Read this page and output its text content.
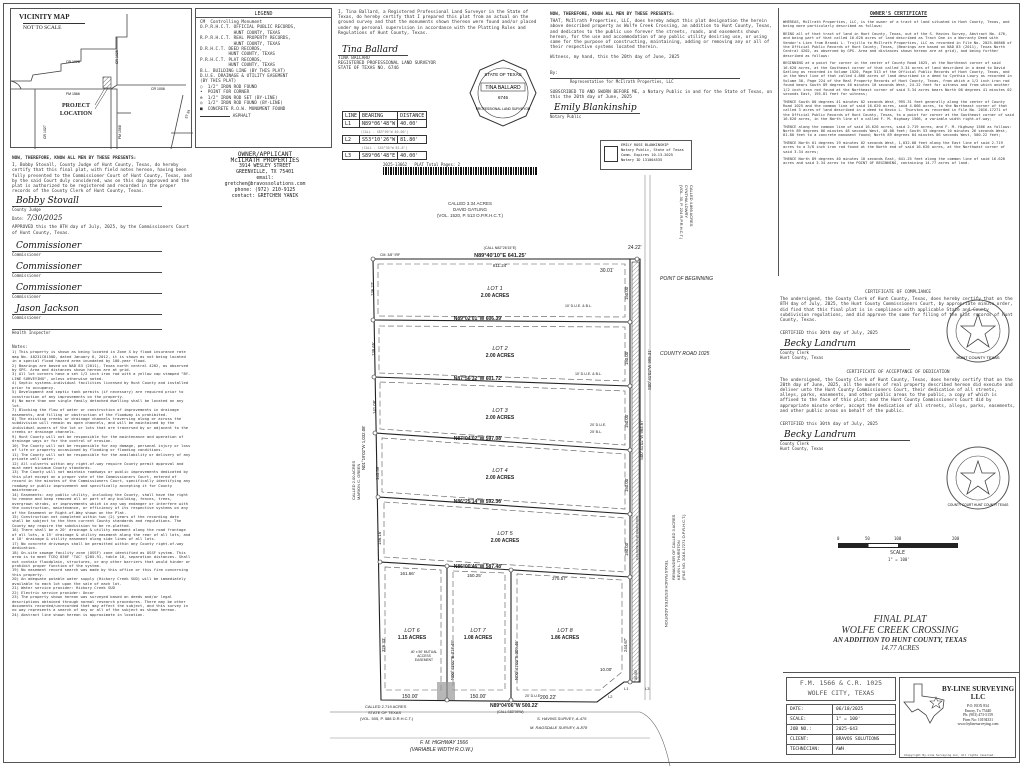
VICINITY MAP
NOT TO SCALE
CR 1028	CR 1025
FM 1566
CR 1006
CR 1027	FM 1568
ST 34
PROJECT LOCATION
LEGEND
CM  Controlling Monument
O.P.R.H.C.T. OFFICIAL PUBLIC RECORDS,
HUNT COUNTY, TEXAS
R.P.R.H.C.T. REAL PROPERTY RECORDS,
HUNT COUNTY, TEXAS
D.R.H.C.T. DEED RECORDS,
HUNT COUNTY, TEXAS
P.R.H.C.T. PLAT RECORDS,
HUNT COUNTY, TEXAS
B.L. BUILDING LINE (BY THIS PLAT)
D.U.E. DRAINAGE & UTILITY EASEMENT
(BY THIS PLAT)
○  1/2" IRON ROD FOUND
•  POINT FOR CORNER
⊗  1/2" IRON ROD SET (BY-LINE)
◎  1/2" IRON ROD FOUND (BY-LINE)
■  CONCRETE R.O.W. MONUMENT FOUND
ASPHALT
OWNER/APPLICANT
McILRATH PROPERTIES
3914 WESLEY STREET
GREENVILLE, TX 75401
email:
gretchen@bravossolutions.com
phone: (972) 210-9125
contact: GRETCHEN YANIK
NOW, THEREFORE, KNOW ALL MEN BY THESE PRESENTS:
I, Bobby Stovall, County Judge of Hunt County, Texas, do hereby certify that this final plat, with field notes hereon, having been fully presented to the Commissioner Court of Hunt County, Texas, and by the said Court duly considered, was on this day approved and the plat is authorized to be registered and recorded in the proper records of the County Clerk of Hunt County, Texas.
Bobby Stovall
County Judge
Date: 7/30/2025
APPROVED this the 8TH day of July, 2025, by the Commissioners Court of Hunt County, Texas.
Commissioner
Commissioner
Commissioner
Commissioner
Commissioner
Commissioner
Jason Jackson
Commissioner
Health Inspector
Notes:
1) This property is shown as being located in Zone X by flood insurance rate map No. 48231C0150D, dated January 6, 2012, it is shown as not being located in a special flood hazard area inundated by 100-year flood.
2) Bearings are based on NAD 83 (2011), Texas north central 4202, as observed by GPS. Area and distances shown hereon are at grid.
3) All lot corners have a set 1/2 inch iron rod with a yellow cap stamped "BY-LINE SURVEYING", unless otherwise noted.
4) Septic systems-individual facilities licensed by Hunt County and installed prior to occupancy.
5) Development and septic tank permits (if necessary) are required prior to construction of any improvements on the property.
6) No more than one single family detached dwelling shall be located on any lot.
7) Blocking the flow of water or construction of improvements in drainage easements, and filling or obstruction of the floodway is prohibited.
8) The existing creeks or drainage channels traversing along or across the subdivision will remain as open channels, and will be maintained by the individual owners of the lot or lots that are traversed by or adjacent to the creeks or drainage channels.
9) Hunt County will not be responsible for the maintenance and operation of drainage ways or for the control of erosion.
10) The County will not be responsible for any damage, personal injury or loss of life or property occasioned by flooding or flooding conditions.
11) The County will not be responsible for the availability or delivery of any private well water.
12) All culverts within any right-of-way require County permit approval and must meet minimum County standards.
13) The County will not maintain roadways or public improvements dedicated by this plat except on a proper vote of the Commissioners Court, entered of record in the minutes of the Commissioners Court, specifically identifying any roadway or public improvement and specifically accepting it for County maintenance.
14) Easements: any public utility, including the County, shall have the right to remove and keep removed all or part of any building, fences, trees, overgrown shrubs, or improvements which in any way endanger or interfere with the construction, maintenance, or efficiency of its respective systems on any of the Easement or Right-of-Way shown on the Plat.
15) Construction not completed within two (2) years of the recording date shall be subject to the then current County standards and regulations. The County may require the subdivision to be re-platted.
16) There shall be a 20' drainage & utility easement along the road frontage of all lots, a 15' drainage & utility easement along the rear of all lots, and a 10' drainage & utility easement along side lines of all lots.
17) No concrete driveways shall be permitted within any County right-of-way dedication.
18) On-site sewage facility zone (OSSF) zone identified as OSSF system. This area is to meet TCEQ 030F 'TAC' §285.91, table 10, separation distances. Shall not contain floodplain, structures, or any other barriers that would hinder or prohibit proper function of the system.
19) No easement record search was made by this office or this firm concerning this property.
20) An adequate potable water supply (Hickory Creek SUD) will be immediately available to each lot upon the sale of each lot.
21) Water service provider: Hickory Creek SUD
22) Electric service provider: Oncor
23) The property shown hereon was surveyed based on deeds and/or legal descriptions obtained through normal research procedures. There may be other documents recorded/unrecorded that may affect the subject, and this survey in no way represents a search of any or all of the subject as shown hereon.
24) Abstract line shown hereon is approximate in location.
I, Tina Ballard, a Registered Professional Land Surveyor in the State of Texas, do hereby certify that I prepared this plat from an actual on the ground survey and that the monuments shown thereon were found and/or placed under my personal supervision in accordance with the Platting Rules and Regulations of Hunt County, Texas.
Tina Ballard
TINA BALLARD
REGISTERED PROFESSIONAL LAND SURVEYOR
STATE OF TEXAS NO. 6746
STATE OF TEXAS
TINA BALLARD
6746
PROFESSIONAL LAND SURVEYOR
LINE	BEARING	DISTANCE
L1	N89°06'48"W	40.00'
(CALL - S83°09'W 40.00')		
L2	S53°10'26"W	81.80'
(CALL - S45°30'W 81.8')		
L3	S89°06'48"E	40.00'
2025-13662 PLAT Total Pages: 2
NOW, THEREFORE, KNOW ALL MEN BY THESE PRESENTS:
THAT, McIlrath Properties, LLC, does hereby adopt this plat designation the herein above described property as Wolfe Creek Crossing, an addition to Hunt County, Texas, and dedicates to the public use forever the streets, roads, and easements shown hereon, for the use and accommodation of any public utility desiring use, or using same for the purpose of constructing, maintaining, adding or removing any or all of their respective systems located therein.
Witness, my hand, this the 20th day of June, 2025
By:
Representative for McIlrath Properties, LLC
SUBSCRIBED TO AND SWORN BEFORE ME, a Notary Public in and for the State of Texas, on this the 20th day of June, 2025
Emily Blankinship
Notary Public
EMILY ROSE BLANKINSHIP
Notary Public, State of Texas
Comm. Expires 10-13-2025
Notary ID 131004535
OWNER'S CERTIFICATE
WHEREAS, McIlrath Properties, LLC, is the owner of a tract of land situated in Hunt County, Texas, and being more particularly described as follows:
BEING all of that tract of land in Hunt County, Texas, out of the S. Havins Survey, Abstract No. 476, and being part of that called 16.620 acres of land described as Tract One in a Warranty Deed with Vendor's Lien from Brandi L. Trujillo to McIlrath Properties, LLC as recorded in File No. 2025-06868 of the Official Public Records of Hunt County, Texas, (Bearings are based on NAD 83 (2011), Texas North Central 4202, as observed by GPS. Area and distances shown hereon are at grid), and being further described as follows:
BEGINNING at a point for corner in the center of County Road 1025, at the Northeast corner of said 16.620 acres, at the Southeast corner of that called 3.34 acres of land described in a deed to David Gatling as recorded in Volume 1520, Page 513 of the Official Public Records of Hunt County, Texas, and in the West line of that called 4.866 acres of land described in a deed to Cynthia Lowry as recorded in Volume 30, Page 224 of the Real Property Records of Hunt County, Texas, from which a 1/2 inch iron rod found bears South 89 degrees 40 minutes 10 seconds West, 24.22 feet for witness and from which another 1/2 inch iron rod found at the Northeast corner of said 3.34 acres bears North 00 degrees 41 minutes 02 seconds East, 195.81 feet for witness;
THENCE South 00 degrees 41 minutes 02 seconds West, 995.31 feet generally along the center of County Road 1025 and the common line of said 16.620 acres, said 4.866 acres, to the Northeast corner of that called 3 acres of land described in a deed to Kevin L. Thurston as recorded in File No. 2016-17271 of the Official Public Records of Hunt County, Texas, to a point for corner at the Southeast corner of said 16.620 acres, in the North line of a called F. M. Highway 1566, a variable width right-of-way;
THENCE along the common line of said 16.620 acres, said 2.719 acres, and F. M. Highway 1566 as follows: North 89 degrees 06 minutes 48 seconds West, 40.00 feet; South 53 degrees 10 minutes 26 seconds West, 81.80 feet to a concrete monument found; North 89 degrees 04 minutes 06 seconds West, 500.22 feet;
THENCE North 01 degrees 19 minutes 02 seconds West, 1,032.08 feet along the East line of said 2.719 acres to a 3/8 inch iron rod found at the North end of said 16.620 acres, at the Northwest corner of said 3.34 acres;
THENCE North 89 degrees 40 minutes 10 seconds East, 641.25 feet along the common line of said 16.620 acres and said 3.34 acres to the POINT OF BEGINNING, containing 14.77 acres of land.
CERTIFICATE OF COMPLIANCE
The undersigned, the County Clerk of Hunt County, Texas, does hereby certify that on the 8TH day of July, 2025, the Hunt County Commissioners Court, by appropriate minute order, did find that this final plat is in compliance with applicable State and County subdivision regulations, and did approve the same for filing of the plat records of Hunt County, Texas.
CERTIFIED this 30th day of July, 2025
Becky Landrum
County Clerk
Hunt County, Texas
CERTIFICATE OF ACCEPTANCE OF DEDICATION
The undersigned, the County Clerk of Hunt County, Texas, does hereby certify that on the 20th day of June, 2025, all the owners of real property described hereon did execute and deliver unto the Hunt County Commissioners Court, their dedication of all streets, alleys, parks, easements, and other public areas to the public, a copy of which is affixed to the face of this plat; and the Hunt County Commissioners Court did by appropriate minute order, accept the dedication of all streets, alleys, parks, easements, and other public areas on behalf of the public.
CERTIFIED this 30th day of July, 2025
Becky Landrum
County Clerk
Hunt County, Texas
HUNT COUNTY TEXAS
COUNTY COURT HUNT COUNTY TEXAS
0	50	100	200
SCALE
1" = 100'
FINAL PLAT
WOLFE CREEK CROSSING
AN ADDITION TO HUNT COUNTY, TEXAS
14.77 ACRES
F.M. 1566 & C.R. 1025
WOLFE CITY, TEXAS
DATE:	06/18/2025
SCALE:	1" = 100'
JOB NO.:	2025-643
CLIENT:	BRAVOS SOLUTIONS
TECHNICIAN:	AWH
BY-LINE SURVEYING LLC
P.O. BOX 834
Emory, Tx 75440
Ph: (903) 473-5159
Firm No: 10194331
www.bylinesurveying.com
©Copyright By-Line Surveying LLC, All rights reserved.
CALLED 3.34 ACRES
DAVID GATLING
(VOL. 1520, P. 513 O.P.R.H.C.T.)
N89°40'10"E 641.25'
(CALL N82°26'15"E)
CM: 3/8" IRF
611.24'
24.22'
30.01'
POINT OF BEGINNING
COUNTY ROAD 1025
S00°41'02"W 995.31'
S00°41'02"W 984.67'
0.24 ACRE R.O.W. DEDICATION
N01°19'02"W 1,032.08'
CALLED 2.00 ACRES MARION C. GREEN
CALLED 4.866 ACRES
CYNTHIA LOWRY
(VOL. 30, P. 224 R.P.R.H.C.T.)
TEXAS RANCH ESTATES ADDITION
REMAINDER OF CALLED 3 ACRES KEVIN L. THURSTON (FILE NO. 2016-17271 O.P.R.H.C.T.)
CALLED 2.719 ACRES
STATE OF TEXAS
(VOL. 505, P. 588 D.R.H.C.T.)
F. M. HIGHWAY 1566
(VARIABLE WIDTH R.O.W.)
N89°04'06"W 500.22'
(CALL S83°09'W)
S. HAVINS SURVEY, A-476
M. RAGSDALE SURVEY, A-878
10' D.U.E. & B.L.
10' D.U.E. & B.L.
20' D.U.E.
25' B.L.
20' D.U.E.
136.27'
138.65'
141.08'
143.59'
146.16'
326.33'
150.00'
150.00'
150.00'
150.00'
150.00'
161.66'	150.25'
275.57'
N00°41'02"E 317.48'	N00°41'02"E 309.45'
150.00'	150.00'	200.22'
244.67'
10.00'
30.00'
L1
L2
L3
LOT 1
2.00 ACRES
LOT 2
2.00 ACRES
LOT 3
2.00 ACRES
LOT 4
2.00 ACRES
LOT 5
2.00 ACRES
LOT 6
1.15 ACRES
LOT 7
1.08 ACRES
LOT 8
1.86 ACRES
N89°02'01"W 606.39'
N87°56'32"W 601.72'
N87°04'02"W 597.08'
N86°25'14"W 592.36'
N86°00'46"W 587.48'
40' x 50' MUTUAL ACCESS EASEMENT
